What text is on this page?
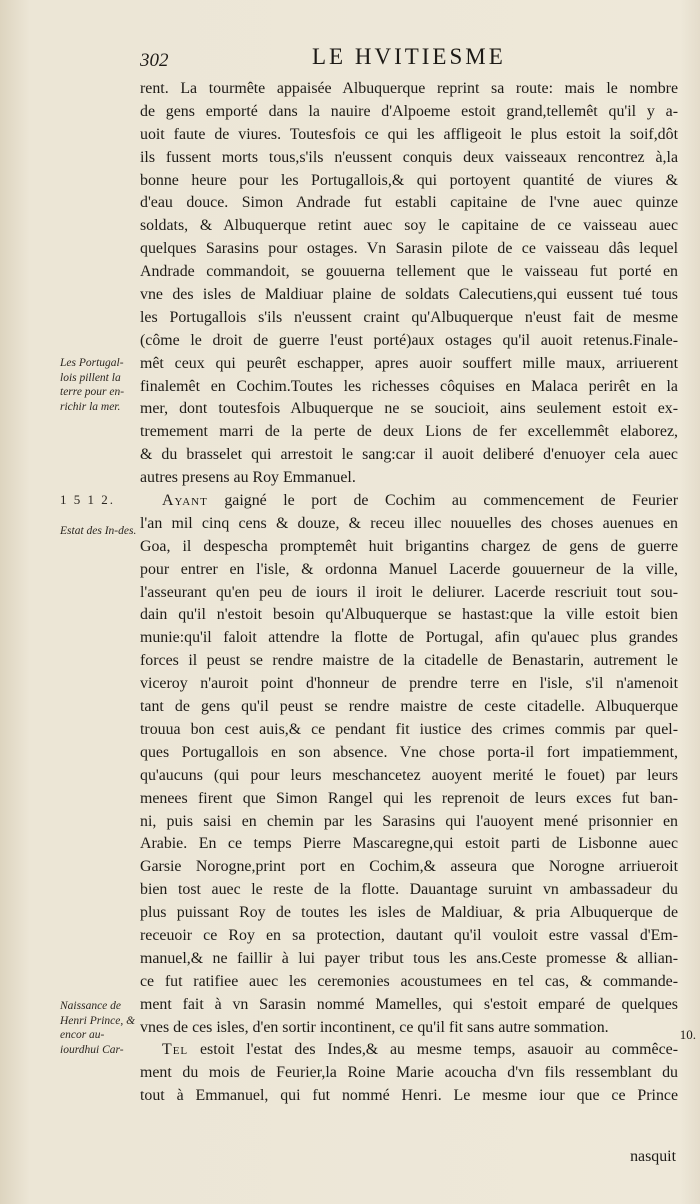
302	LE HVITIESME
Les Portugal-lois pillent la terre pour en-richir la mer.
1 5 1 2.
Estat des In-des.
Naissance de Henri Prince, & encor au-iourdhui Car-
rent. La tourmête appaisée Albuquerque reprint sa route: mais le nombre
de gens emporté dans la nauire d'Alpoeme estoit grand,tellemêt qu'il y a-
uoit faute de viures. Toutesfois ce qui les affligeoit le plus estoit la soif,dôt
ils fussent morts tous,s'ils n'eussent conquis deux vaisseaux rencontrez à,la
bonne heure pour les Portugallois,& qui portoyent quantité de viures &
d'eau douce. Simon Andrade fut establi capitaine de l'vne auec quinze
soldats, & Albuquerque retint auec soy le capitaine de ce vaisseau auec
quelques Sarasins pour ostages. Vn Sarasin pilote de ce vaisseau dâs lequel
Andrade commandoit, se gouuerna tellement que le vaisseau fut porté en
vne des isles de Maldiuar plaine de soldats Calecutiens,qui eussent tué tous
les Portugallois s'ils n'eussent craint qu'Albuquerque n'eust fait de mesme
(côme le droit de guerre l'eust porté)aux ostages qu'il auoit retenus.Finale-
mêt ceux qui peurêt eschapper, apres auoir souffert mille maux, arriuerent
finalemêt en Cochim.Toutes les richesses côquises en Malaca perirêt en la
mer, dont toutesfois Albuquerque ne se soucioit, ains seulement estoit ex-
tremement marri de la perte de deux Lions de fer excellemmêt elaborez,
& du brasselet qui arrestoit le sang:car il auoit deliberé d'enuoyer cela auec
autres presens au Roy Emmanuel.
Ayant gaigné le port de Cochim au commencement de Feurier
l'an mil cinq cens & douze, & receu illec nouuelles des choses auenues en
Goa, il despescha promptemêt huit brigantins chargez de gens de guerre
pour entrer en l'isle, & ordonna Manuel Lacerde gouuerneur de la ville,
l'asseurant qu'en peu de iours il iroit le deliurer. Lacerde rescriuit tout sou-
dain qu'il n'estoit besoin qu'Albuquerque se hastast:que la ville estoit bien
munie:qu'il faloit attendre la flotte de Portugal, afin qu'auec plus grandes
forces il peust se rendre maistre de la citadelle de Benastarin, autrement le
viceroy n'auroit point d'honneur de prendre terre en l'isle, s'il n'amenoit
tant de gens qu'il peust se rendre maistre de ceste citadelle. Albuquerque
trouua bon cest auis,& ce pendant fit iustice des crimes commis par quel-
ques Portugallois en son absence. Vne chose porta-il fort impatiemment,
qu'aucuns (qui pour leurs meschancetez auoyent merité le fouet) par leurs
menees firent que Simon Rangel qui les reprenoit de leurs exces fut ban-
ni, puis saisi en chemin par les Sarasins qui l'auoyent mené prisonnier en
Arabie. En ce temps Pierre Mascaregne,qui estoit parti de Lisbonne auec
Garsie Norogne,print port en Cochim,& asseura que Norogne arriueroit
bien tost auec le reste de la flotte. Dauantage suruint vn ambassadeur du
plus puissant Roy de toutes les isles de Maldiuar, & pria Albuquerque de
receuoir ce Roy en sa protection, dautant qu'il vouloit estre vassal d'Em-
manuel,& ne faillir à lui payer tribut tous les ans.Ceste promesse & allian-
ce fut ratifiee auec les ceremonies acoustumees en tel cas, & commande-
ment fait à vn Sarasin nommé Mamelles, qui s'estoit emparé de quelques
vnes de ces isles, d'en sortir incontinent, ce qu'il fit sans autre sommation.
Tel estoit l'estat des Indes,& au mesme temps, asauoir au commêce-
ment du mois de Feurier,la Roine Marie acoucha d'vn fils ressemblant du
tout à Emmanuel, qui fut nommé Henri. Le mesme iour que ce Prince
10.
nasquit
